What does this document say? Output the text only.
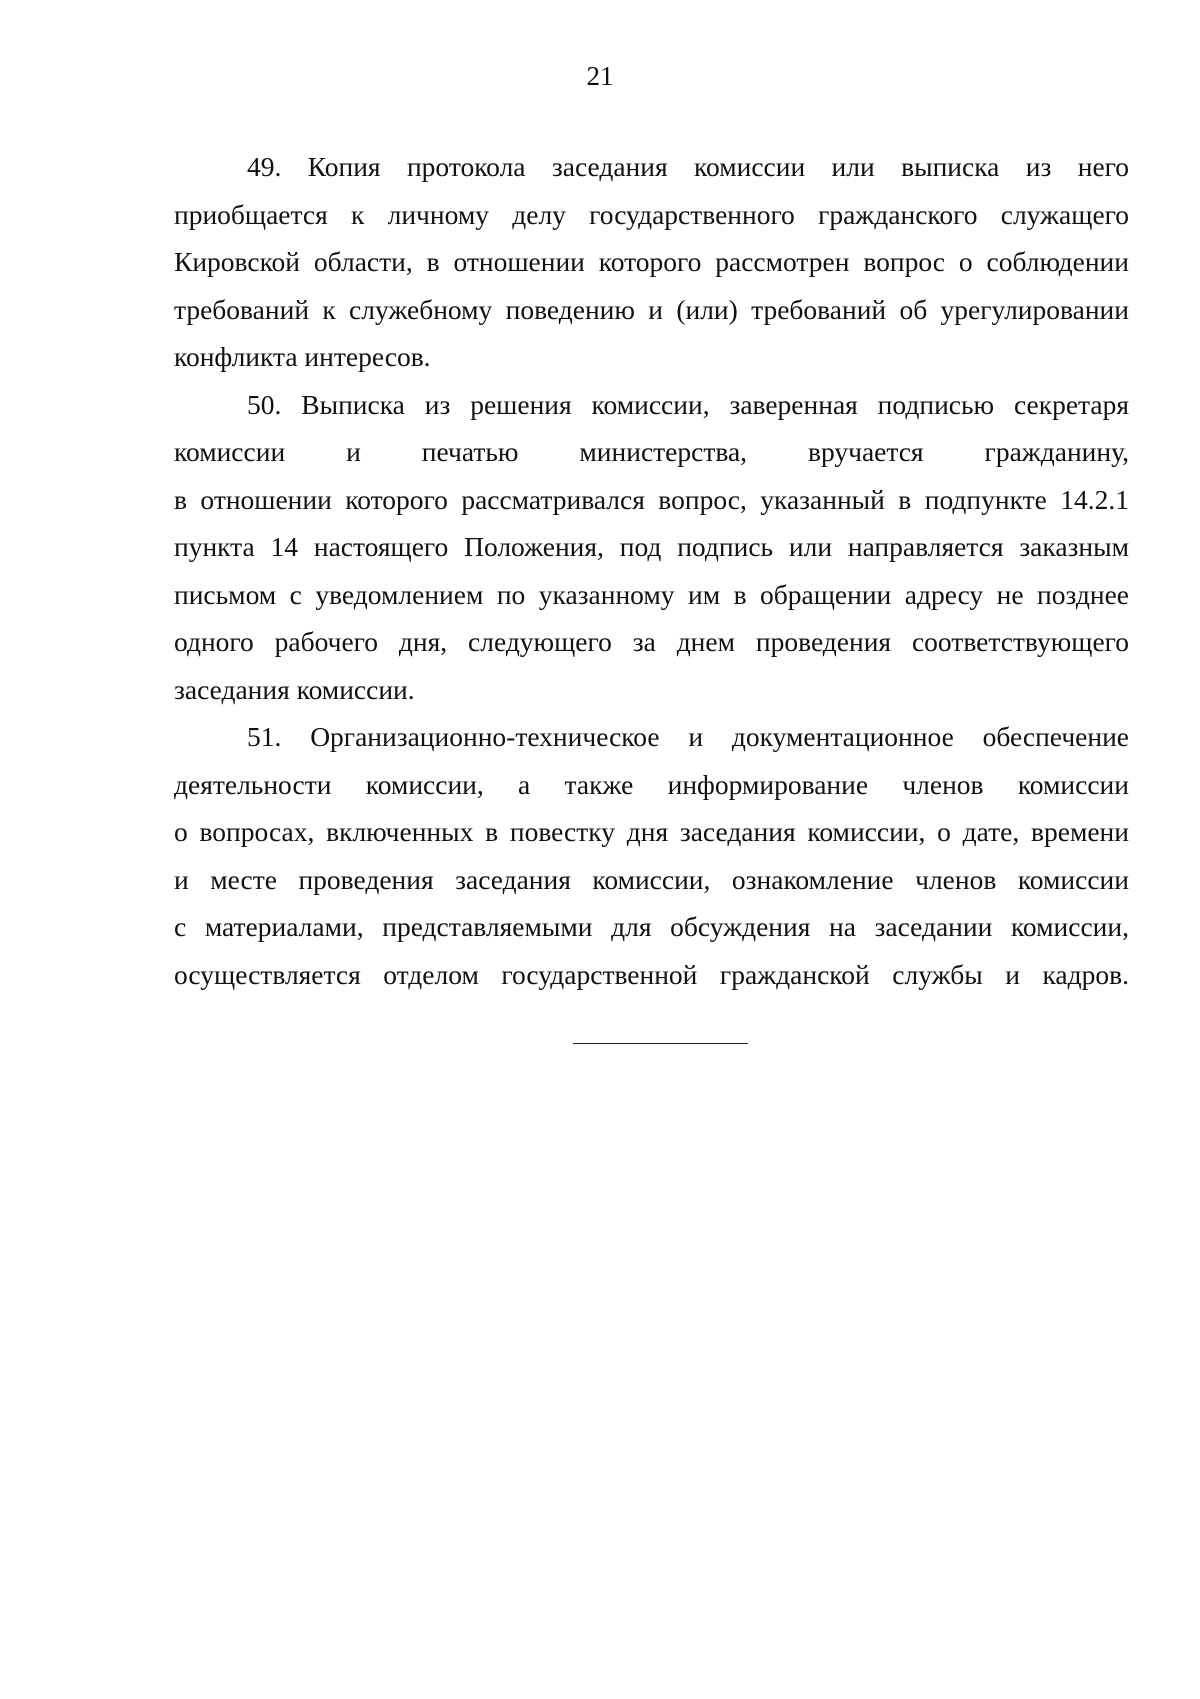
21

49. Копия протокола заседания комиссии или выписка из него
приобщается к личному делу государственного гражданского служащего
Кировской области, в отношении которого рассмотрен вопрос о соблюдении
требований к служебному поведению и (или) требований об урегулировании
конфликта интересов.

50. Выписка из решения комиссии, заверенная подписью секретаря
комиссии и печатью министерства, вручается гражданину,
в отношении которого рассматривался вопрос, указанный в подпункте 14.2.1
пункта 14 настоящего Положения, под подпись или направляется заказным
письмом с уведомлением по указанному им в обращении адресу не позднее
одного рабочего дня, следующего за днем проведения соответствующего
заседания комиссии.

51. Организационно-техническое и документационное обеспечение
деятельности комиссии, а также информирование членов комиссии
о вопросах, включенных в повестку дня заседания комиссии, о дате, времени
и месте проведения заседания комиссии, ознакомление членов комиссии
с материалами, представляемыми для обсуждения на заседании комиссии,
осуществляется отделом государственной гражданской службы и кадров.
